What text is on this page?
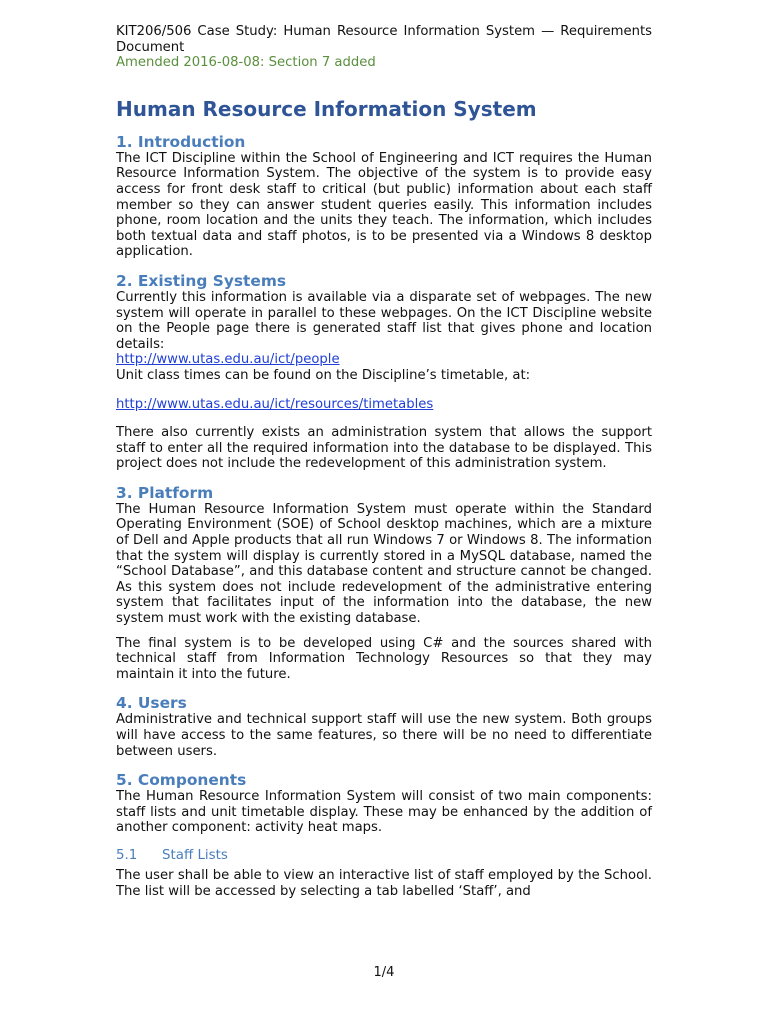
KIT206/506 Case Study: Human Resource Information System — Requirements Document

Amended 2016-08-08: Section 7 added

Human Resource Information System
1. Introduction

The ICT Discipline within the School of Engineering and ICT requires the Human Resource Information System. The objective of the system is to provide easy access for front desk staff to critical (but public) information about each staff member so they can answer student queries easily. This information includes phone, room location and the units they teach. The information, which includes both textual data and staff photos, is to be presented via a Windows 8 desktop application.

2. Existing Systems

Currently this information is available via a disparate set of webpages. The new system will operate in parallel to these webpages. On the ICT Discipline website on the People page there is generated staff list that gives phone and location details:

http://www.utas.edu.au/ict/people

Unit class times can be found on the Discipline’s timetable, at:

http://www.utas.edu.au/ict/resources/timetables

There also currently exists an administration system that allows the support staff to enter all the required information into the database to be displayed. This project does not include the redevelopment of this administration system.

3. Platform

The Human Resource Information System must operate within the Standard Operating Environment (SOE) of School desktop machines, which are a mixture of Dell and Apple products that all run Windows 7 or Windows 8. The information that the system will display is currently stored in a MySQL database, named the “School Database”, and this database content and structure cannot be changed. As this system does not include redevelopment of the administrative entering system that facilitates input of the information into the database, the new system must work with the existing database.

The final system is to be developed using C# and the sources shared with technical staff from Information Technology Resources so that they may maintain it into the future.

4. Users

Administrative and technical support staff will use the new system. Both groups will have access to the same features, so there will be no need to differentiate between users.

5. Components

The Human Resource Information System will consist of two main components: staff lists and unit timetable display. These may be enhanced by the addition of another component: activity heat maps.

5.1 Staff Lists

The user shall be able to view an interactive list of staff employed by the School. The list will be accessed by selecting a tab labelled ‘Staff’, and

1/4
